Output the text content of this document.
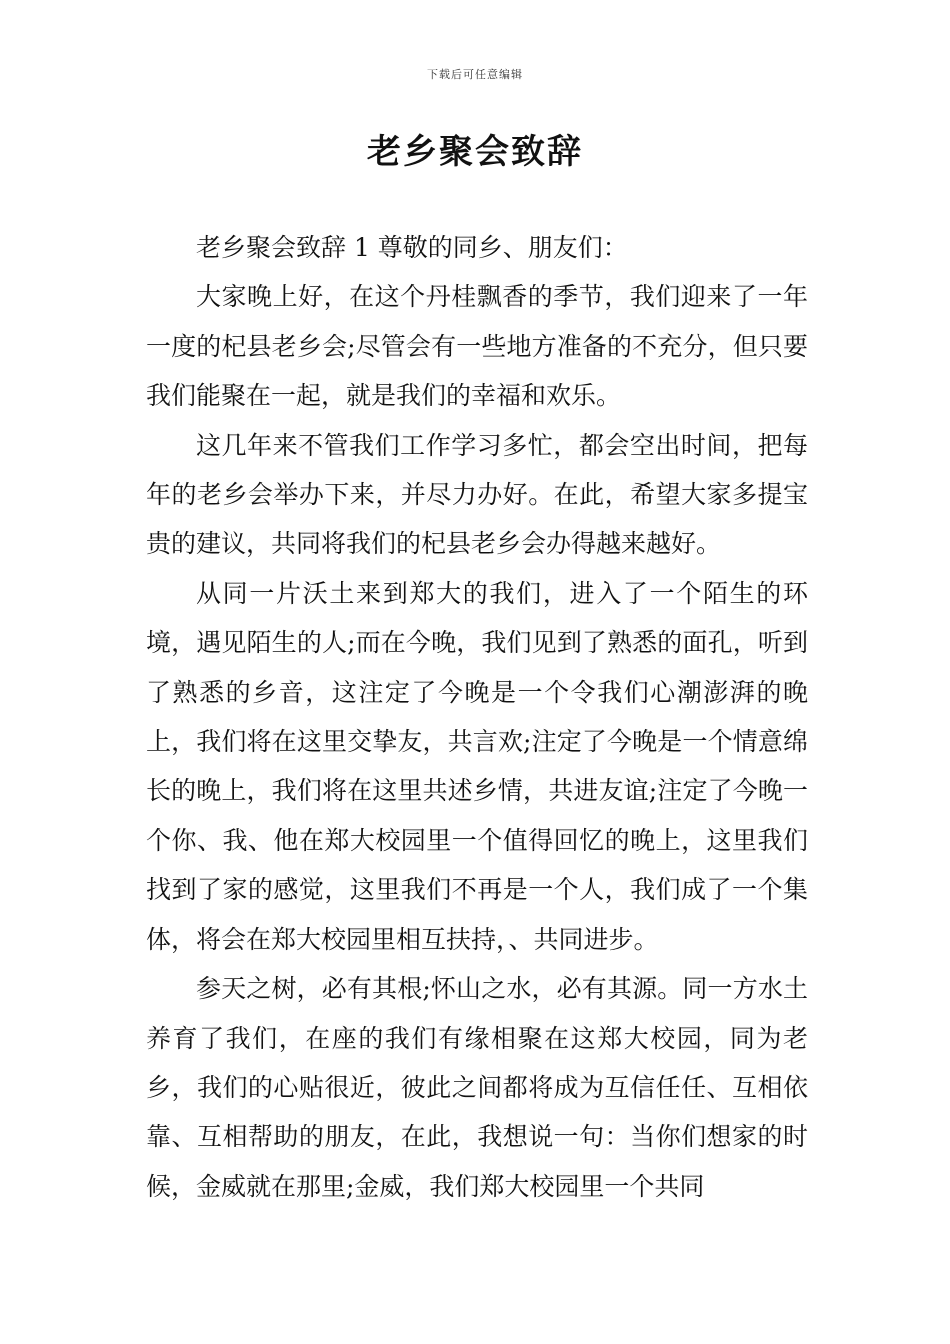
下载后可任意编辑
老乡聚会致辞

老乡聚会致辞 1 尊敬的同乡、朋友们：

大家晚上好，在这个丹桂飘香的季节，我们迎来了一年一度的杞县老乡会;尽管会有一些地方准备的不充分，但只要我们能聚在一起，就是我们的幸福和欢乐。

这几年来不管我们工作学习多忙，都会空出时间，把每年的老乡会举办下来，并尽力办好。在此，希望大家多提宝贵的建议，共同将我们的杞县老乡会办得越来越好。

从同一片沃土来到郑大的我们，进入了一个陌生的环境，遇见陌生的人;而在今晚，我们见到了熟悉的面孔，听到了熟悉的乡音，这注定了今晚是一个令我们心潮澎湃的晚上，我们将在这里交挚友，共言欢;注定了今晚是一个情意绵长的晚上，我们将在这里共述乡情，共进友谊;注定了今晚一个你、我、他在郑大校园里一个值得回忆的晚上，这里我们找到了家的感觉，这里我们不再是一个人，我们成了一个集体，将会在郑大校园里相互扶持，、共同进步。

参天之树，必有其根;怀山之水，必有其源。同一方水土养育了我们，在座的我们有缘相聚在这郑大校园，同为老乡，我们的心贴很近，彼此之间都将成为互信任任、互相依靠、互相帮助的朋友，在此，我想说一句：当你们想家的时候，金威就在那里;金威，我们郑大校园里一个共同
